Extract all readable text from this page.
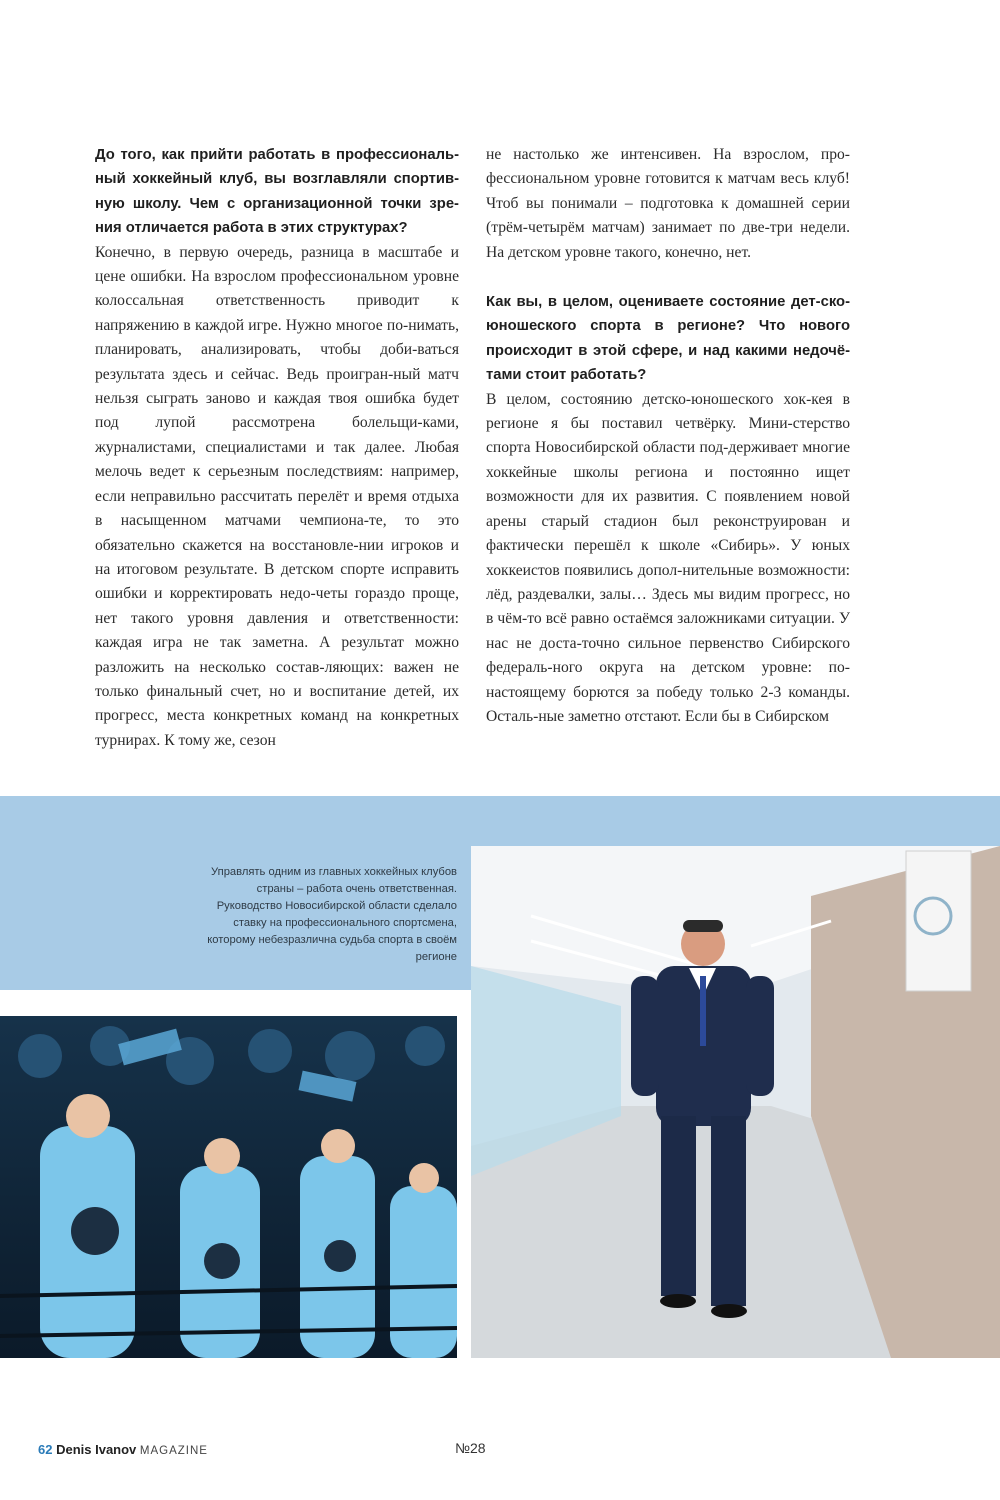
До того, как прийти работать в профессиональ-ный хоккейный клуб, вы возглавляли спортив-ную школу. Чем с организационной точки зре-ния отличается работа в этих структурах?

Конечно, в первую очередь, разница в масштабе и цене ошибки. На взрослом профессиональном уровне колоссальная ответственность приводит к напряжению в каждой игре. Нужно многое по-нимать, планировать, анализировать, чтобы доби-ваться результата здесь и сейчас. Ведь проигран-ный матч нельзя сыграть заново и каждая твоя ошибка будет под лупой рассмотрена болельщи-ками, журналистами, специалистами и так далее. Любая мелочь ведет к серьезным последствиям: например, если неправильно рассчитать перелёт и время отдыха в насыщенном матчами чемпиона-те, то это обязательно скажется на восстановле-нии игроков и на итоговом результате. В детском спорте исправить ошибки и корректировать недо-четы гораздо проще, нет такого уровня давления и ответственности: каждая игра не так заметна. А результат можно разложить на несколько состав-ляющих: важен не только финальный счет, но и воспитание детей, их прогресс, места конкретных команд на конкретных турнирах. К тому же, сезон

не настолько же интенсивен. На взрослом, про-фессиональном уровне готовится к матчам весь клуб! Чтоб вы понимали – подготовка к домашней серии (трём-четырём матчам) занимает по две-три недели. На детском уровне такого, конечно, нет.

Как вы, в целом, оцениваете состояние дет-ско-юношеского спорта в регионе? Что нового происходит в этой сфере, и над какими недочё-тами стоит работать?

В целом, состоянию детско-юношеского хок-кея в регионе я бы поставил четвёрку. Мини-стерство спорта Новосибирской области под-держивает многие хоккейные школы региона и постоянно ищет возможности для их развития. С появлением новой арены старый стадион был реконструирован и фактически перешёл к школе «Сибирь». У юных хоккеистов появились допол-нительные возможности: лёд, раздевалки, залы… Здесь мы видим прогресс, но в чём-то всё равно остаёмся заложниками ситуации. У нас не доста-точно сильное первенство Сибирского федераль-ного округа на детском уровне: по-настоящему борются за победу только 2-3 команды. Осталь-ные заметно отстают. Если бы в Сибирском

Управлять одним из главных хоккейных клубов страны – работа очень ответственная. Руководство Новосибирской области сделало ставку на профессионального спортсмена, которому небезразлична судьба спорта в своём регионе
62 Denis Ivanov MAGAZINE	№28
